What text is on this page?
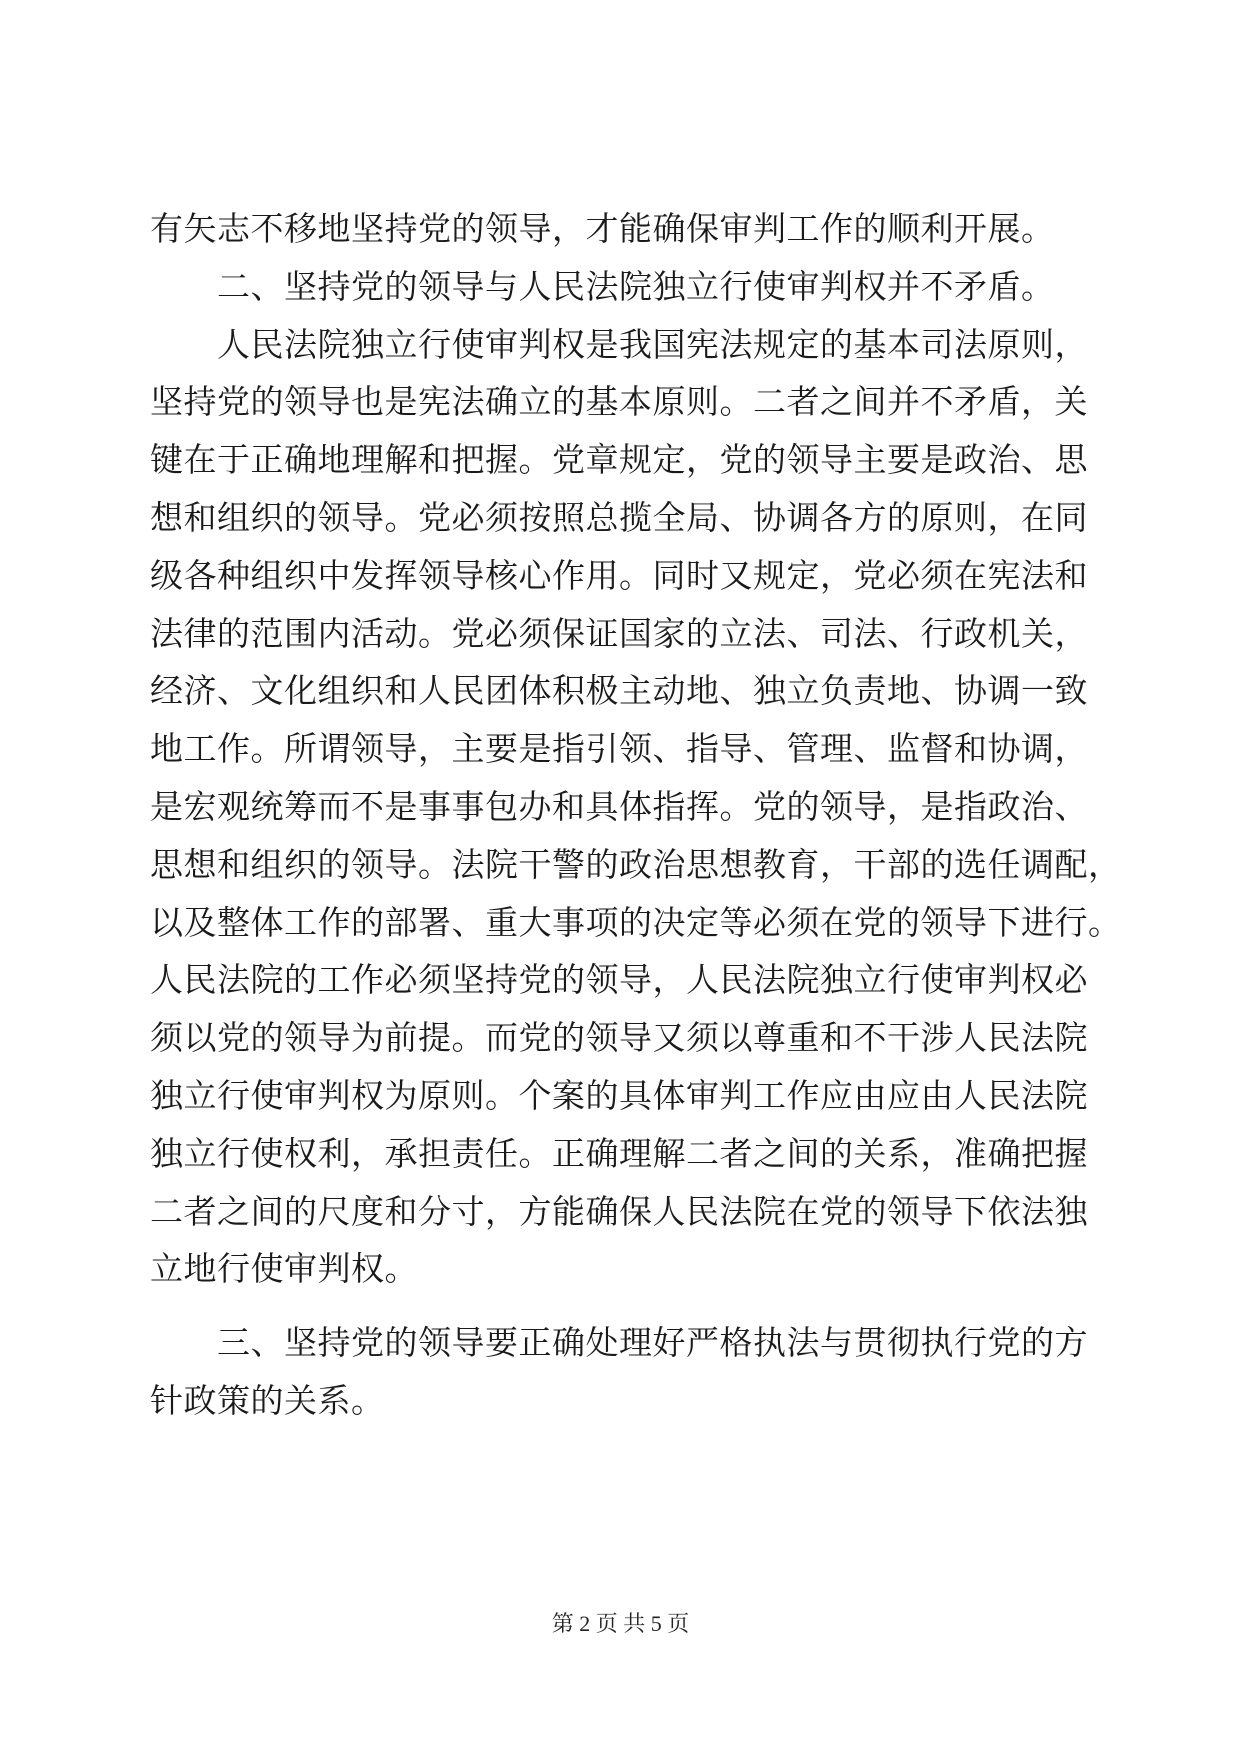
有矢志不移地坚持党的领导，才能确保审判工作的顺利开展。
　　二、坚持党的领导与人民法院独立行使审判权并不矛盾。
　　人民法院独立行使审判权是我国宪法规定的基本司法原则，
坚持党的领导也是宪法确立的基本原则。二者之间并不矛盾，关
键在于正确地理解和把握。党章规定，党的领导主要是政治、思
想和组织的领导。党必须按照总揽全局、协调各方的原则，在同
级各种组织中发挥领导核心作用。同时又规定，党必须在宪法和
法律的范围内活动。党必须保证国家的立法、司法、行政机关，
经济、文化组织和人民团体积极主动地、独立负责地、协调一致
地工作。所谓领导，主要是指引领、指导、管理、监督和协调，
是宏观统筹而不是事事包办和具体指挥。党的领导，是指政治、
思想和组织的领导。法院干警的政治思想教育，干部的选任调配，
以及整体工作的部署、重大事项的决定等必须在党的领导下进行。
人民法院的工作必须坚持党的领导，人民法院独立行使审判权必
须以党的领导为前提。而党的领导又须以尊重和不干涉人民法院
独立行使审判权为原则。个案的具体审判工作应由应由人民法院
独立行使权利，承担责任。正确理解二者之间的关系，准确把握
二者之间的尺度和分寸，方能确保人民法院在党的领导下依法独
立地行使审判权。
　　三、坚持党的领导要正确处理好严格执法与贯彻执行党的方
针政策的关系。
第 2 页 共 5 页
